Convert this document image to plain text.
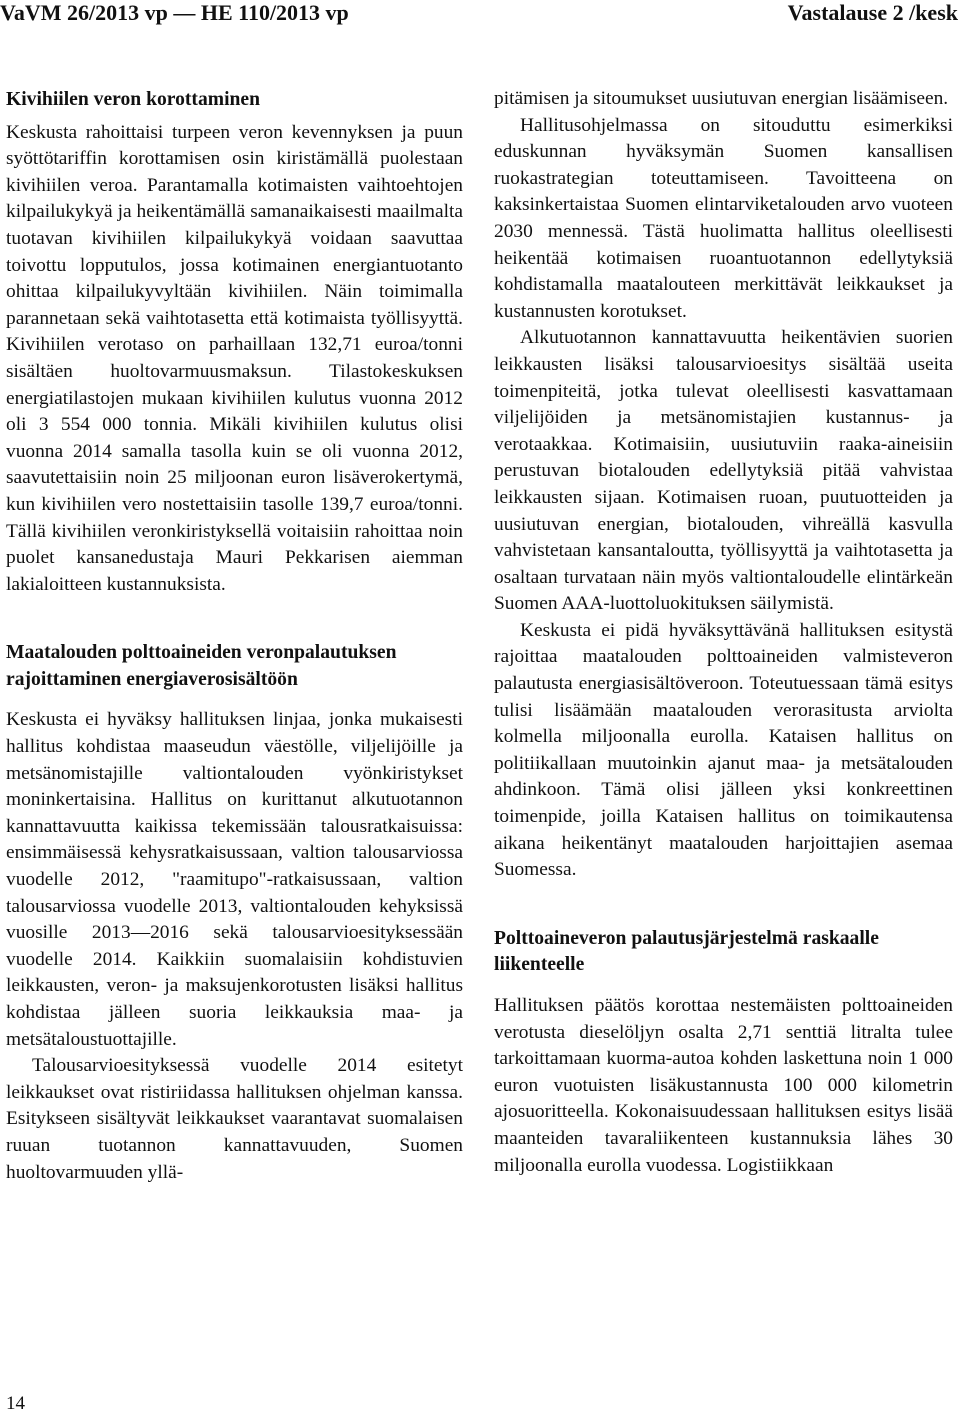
VaVM 26/2013 vp — HE 110/2013 vp	Vastalause 2 /kesk
Kivihiilen veron korottaminen

Keskusta rahoittaisi turpeen veron kevennyksen ja puun syöttötariffin korottamisen osin kiristämällä puolestaan kivihiilen veroa. Parantamalla kotimaisten vaihtoehtojen kilpailukykyä ja heikentämällä samanaikaisesti maailmalta tuotavan kivihiilen kilpailukykyä voidaan saavuttaa toivottu lopputulos, jossa kotimainen energiantuotanto ohittaa kilpailukyvyltään kivihiilen. Näin toimimalla parannetaan sekä vaihtotasetta että kotimaista työllisyyttä. Kivihiilen verotaso on parhaillaan 132,71 euroa/tonni sisältäen huoltovarmuusmaksun. Tilastokeskuksen energiatilastojen mukaan kivihiilen kulutus vuonna 2012 oli 3 554 000 tonnia. Mikäli kivihiilen kulutus olisi vuonna 2014 samalla tasolla kuin se oli vuonna 2012, saavutettaisiin noin 25 miljoonan euron lisäverokertymä, kun kivihiilen vero nostettaisiin tasolle 139,7 euroa/tonni. Tällä kivihiilen veronkiristyksellä voitaisiin rahoittaa noin puolet kansanedustaja Mauri Pekkarisen aiemman lakialoitteen kustannuksista.

Maatalouden polttoaineiden veronpalautuksen rajoittaminen energiaverosisältöön

Keskusta ei hyväksy hallituksen linjaa, jonka mukaisesti hallitus kohdistaa maaseudun väestölle, viljelijöille ja metsänomistajille valtiontalouden vyönkiristykset moninkertaisina. Hallitus on kurittanut alkutuotannon kannattavuutta kaikissa tekemissään talousratkaisuissa: ensimmäisessä kehysratkaisussaan, valtion talousarviossa vuodelle 2012, "raamitupo"-ratkaisussaan, valtion talousarviossa vuodelle 2013, valtiontalouden kehyksissä vuosille 2013—2016 sekä talousarvioesityksessään vuodelle 2014. Kaikkiin suomalaisiin kohdistuvien leikkausten, veron- ja maksujenkorotusten lisäksi hallitus kohdistaa jälleen suoria leikkauksia maa- ja metsätaloustuottajille.

Talousarvioesityksessä vuodelle 2014 esitetyt leikkaukset ovat ristiriidassa hallituksen ohjelman kanssa. Esitykseen sisältyvät leikkaukset vaarantavat suomalaisen ruuan tuotannon kannattavuuden, Suomen huoltovarmuuden yllä-

pitämisen ja sitoumukset uusiutuvan energian lisäämiseen.

Hallitusohjelmassa on sitouduttu esimerkiksi eduskunnan hyväksymän Suomen kansallisen ruokastrategian toteuttamiseen. Tavoitteena on kaksinkertaistaa Suomen elintarviketalouden arvo vuoteen 2030 mennessä. Tästä huolimatta hallitus oleellisesti heikentää kotimaisen ruoantuotannon edellytyksiä kohdistamalla maatalouteen merkittävät leikkaukset ja kustannusten korotukset.

Alkutuotannon kannattavuutta heikentävien suorien leikkausten lisäksi talousarvioesitys sisältää useita toimenpiteitä, jotka tulevat oleellisesti kasvattamaan viljelijöiden ja metsänomistajien kustannus- ja verotaakkaa. Kotimaisiin, uusiutuviin raaka-aineisiin perustuvan biotalouden edellytyksiä pitää vahvistaa leikkausten sijaan. Kotimaisen ruoan, puutuotteiden ja uusiutuvan energian, biotalouden, vihreällä kasvulla vahvistetaan kansantaloutta, työllisyyttä ja vaihtotasetta ja osaltaan turvataan näin myös valtiontaloudelle elintärkeän Suomen AAA-luottoluokituksen säilymistä.

Keskusta ei pidä hyväksyttävänä hallituksen esitystä rajoittaa maatalouden polttoaineiden valmisteveron palautusta energiasisältöveroon. Toteutuessaan tämä esitys tulisi lisäämään maatalouden verorasitusta arviolta kolmella miljoonalla eurolla. Kataisen hallitus on politiikallaan muutoinkin ajanut maa- ja metsätalouden ahdinkoon. Tämä olisi jälleen yksi konkreettinen toimenpide, joilla Kataisen hallitus on toimikautensa aikana heikentänyt maatalouden harjoittajien asemaa Suomessa.

Polttoaineveron palautusjärjestelmä raskaalle liikenteelle

Hallituksen päätös korottaa nestemäisten polttoaineiden verotusta dieselöljyn osalta 2,71 senttiä litralta tulee tarkoittamaan kuorma-autoa kohden laskettuna noin 1 000 euron vuotuisten lisäkustannusta 100 000 kilometrin ajosuoritteella. Kokonaisuudessaan hallituksen esitys lisää maanteiden tavaraliikenteen kustannuksia lähes 30 miljoonalla eurolla vuodessa. Logistiikkaan

14
